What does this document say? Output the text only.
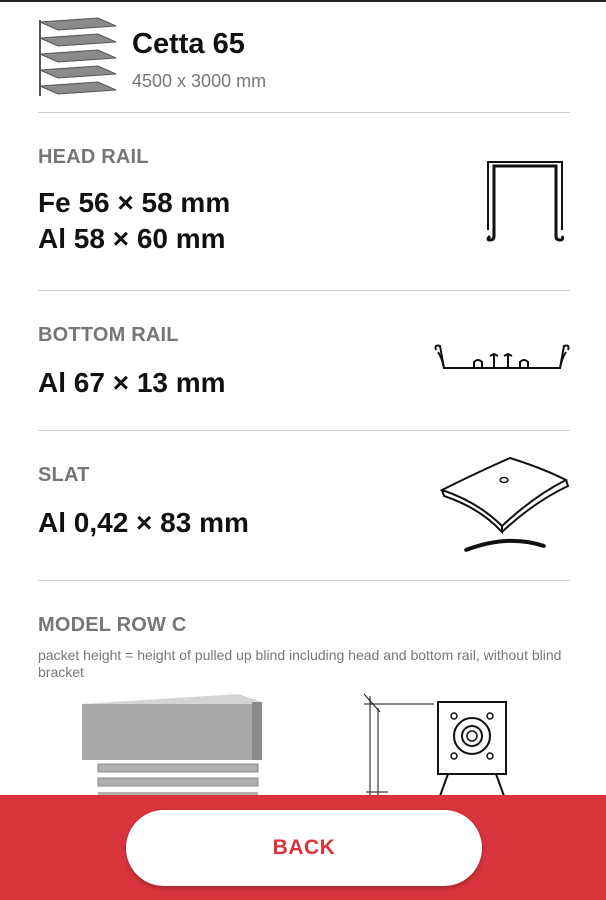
Cetta 65
4500 x 3000 mm
HEAD RAIL
Fe 56 × 58 mm
Al 58 × 60 mm
BOTTOM RAIL
Al 67 × 13 mm
SLAT
Al 0,42 × 83 mm
MODEL ROW C
packet height = height of pulled up blind including head and bottom rail, without blind bracket
BACK
